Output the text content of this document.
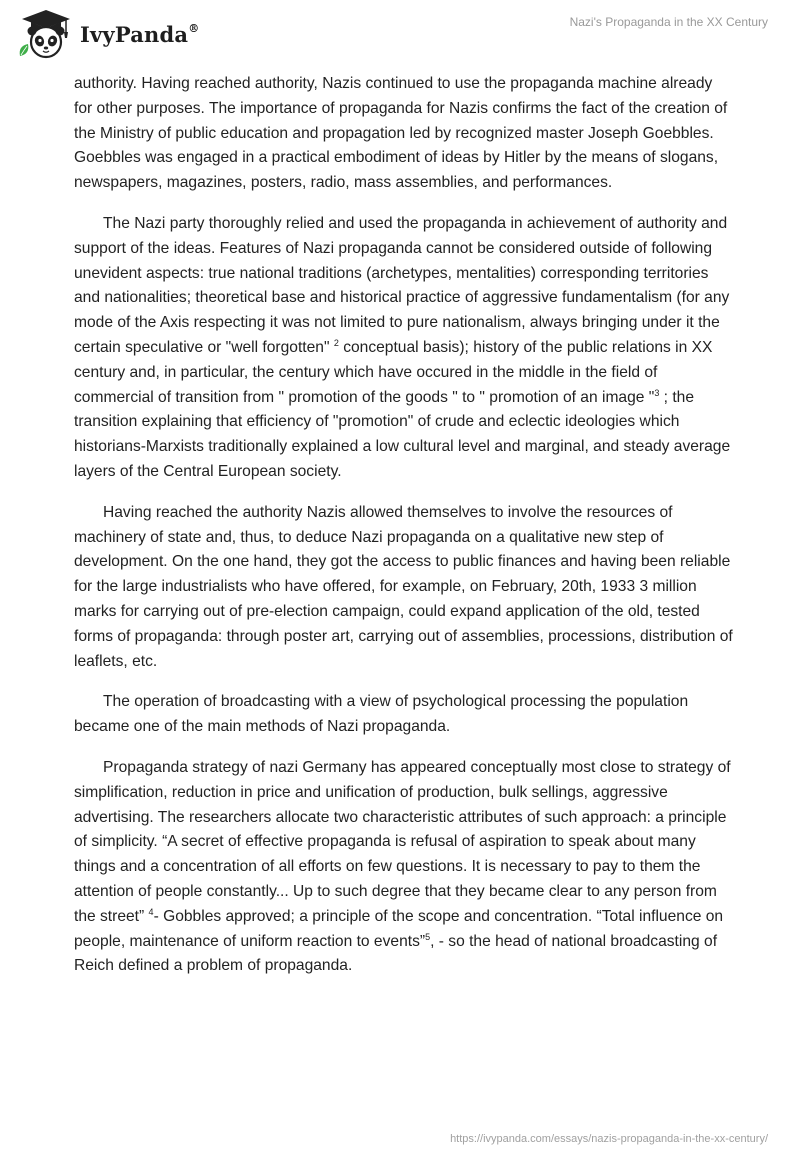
IvyPanda®	Nazi's Propaganda in the XX Century

authority. Having reached authority, Nazis continued to use the propaganda machine already for other purposes. The importance of propaganda for Nazis confirms the fact of the creation of the Ministry of public education and propagation led by recognized master Joseph Goebbles. Goebbles was engaged in a practical embodiment of ideas by Hitler by the means of slogans, newspapers, magazines, posters, radio, mass assemblies, and performances.

The Nazi party thoroughly relied and used the propaganda in achievement of authority and support of the ideas. Features of Nazi propaganda cannot be considered outside of following unevident aspects: true national traditions (archetypes, mentalities) corresponding territories and nationalities; theoretical base and historical practice of aggressive fundamentalism (for any mode of the Axis respecting it was not limited to pure nationalism, always bringing under it the certain speculative or "well forgotten" $^2$ conceptual basis); history of the public relations in XX century and, in particular, the century which have occured in the middle in the field of commercial of transition from " promotion of the goods " to " promotion of an image "$^3$ ; the transition explaining that efficiency of "promotion" of crude and eclectic ideologies which historians-Marxists traditionally explained a low cultural level and marginal, and steady average layers of the Central European society.

Having reached the authority Nazis allowed themselves to involve the resources of machinery of state and, thus, to deduce Nazi propaganda on a qualitative new step of development. On the one hand, they got the access to public finances and having been reliable for the large industrialists who have offered, for example, on February, 20th, 1933 3 million marks for carrying out of pre-election campaign, could expand application of the old, tested forms of propaganda: through poster art, carrying out of assemblies, processions, distribution of leaflets, etc.

The operation of broadcasting with a view of psychological processing the population became one of the main methods of Nazi propaganda.

Propaganda strategy of nazi Germany has appeared conceptually most close to strategy of simplification, reduction in price and unification of production, bulk sellings, aggressive advertising. The researchers allocate two characteristic attributes of such approach: a principle of simplicity. “A secret of effective propaganda is refusal of aspiration to speak about many things and a concentration of all efforts on few questions. It is necessary to pay to them the attention of people constantly... Up to such degree that they became clear to any person from the street” $^4$- Gobbles approved; a principle of the scope and concentration. “Total influence on people, maintenance of uniform reaction to events”$^5$, - so the head of national broadcasting of Reich defined a problem of propaganda.

https://ivypanda.com/essays/nazis-propaganda-in-the-xx-century/
